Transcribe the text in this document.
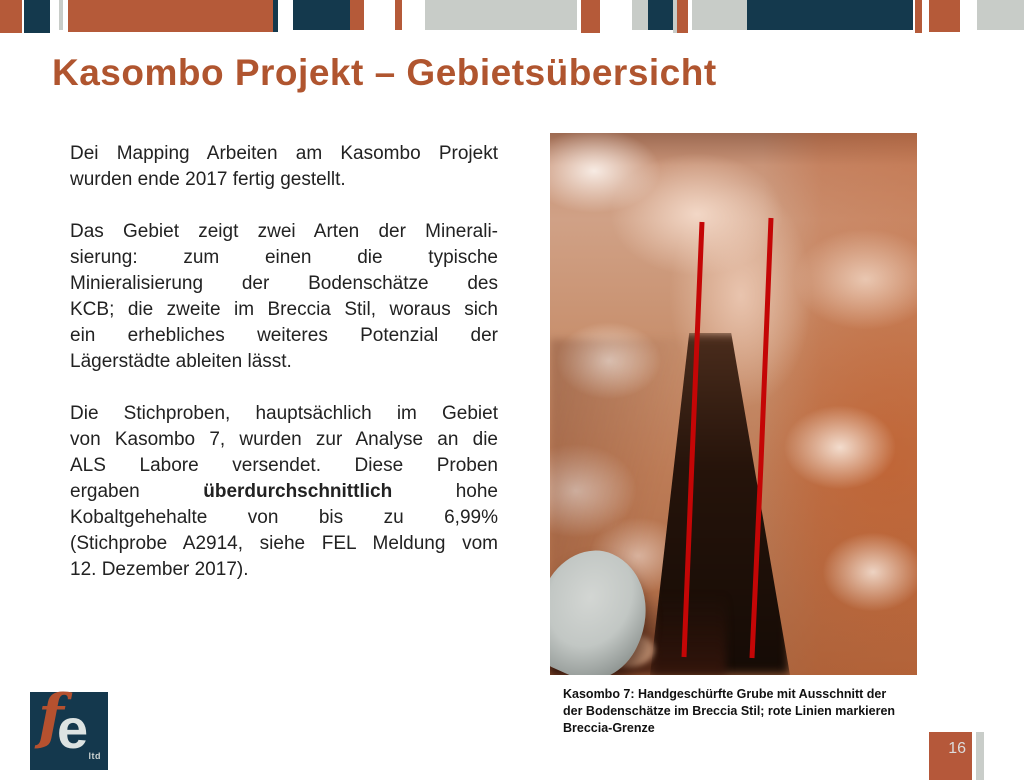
Kasombo Projekt – Gebietsübersicht
Dei Mapping Arbeiten am Kasombo Projekt
wurden ende 2017 fertig gestellt.
Das Gebiet zeigt zwei Arten der Minerali-
sierung: zum einen die typische
Minieralisierung der Bodenschätze des
KCB; die zweite im Breccia Stil, woraus sich
ein erhebliches weiteres Potenzial der
Lägerstädte ableiten lässt.
Die Stichproben, hauptsächlich im Gebiet
von Kasombo 7, wurden zur Analyse an die
ALS Labore versendet. Diese Proben
ergaben	überdurchschnittlich	hohe
Kobaltgehehalte von bis zu 6,99%
(Stichprobe A2914, siehe FEL Meldung vom
12. Dezember 2017).
Kasombo 7: Handgeschürfte Grube mit Ausschnitt der
der Bodenschätze im Breccia Stil; rote Linien markieren
Breccia-Grenze
f
e ltd	16
